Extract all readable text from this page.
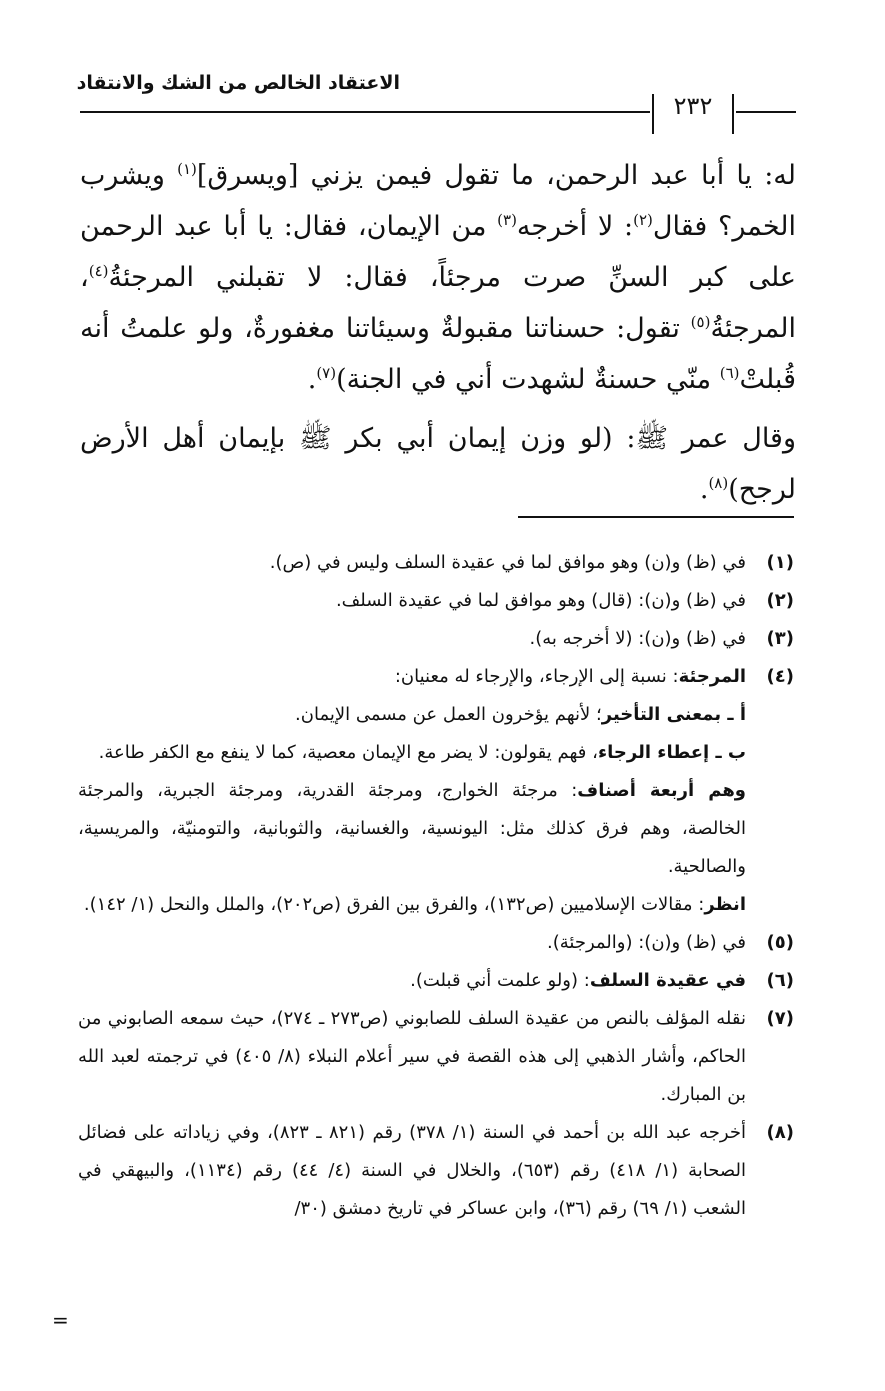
الاعتقاد الخالص من الشك والانتقاد
٢٣٢

له: يا أبا عبد الرحمن، ما تقول فيمن يزني [ويسرق]$^{(١)}$ ويشرب الخمر؟ فقال$^{(٢)}$: لا أخرجه$^{(٣)}$ من الإيمان، فقال: يا أبا عبد الرحمن على كبر السنِّ صرت مرجئاً، فقال: لا تقبلني المرجئةُ$^{(٤)}$، المرجئةُ$^{(٥)}$ تقول: حسناتنا مقبولةٌ وسيئاتنا مغفورةٌ، ولو علمتُ أنه قُبلتْ$^{(٦)}$ منّي حسنةٌ لشهدت أني في الجنة)$^{(٧)}$.

وقال عمر ﷺ: (لو وزن إيمان أبي بكر ﷺ بإيمان أهل الأرض لرجح)$^{(٨)}$.

(١)
في (ظ) و(ن) وهو موافق لما في عقيدة السلف وليس في (ص).
(٢)
في (ظ) و(ن): (قال) وهو موافق لما في عقيدة السلف.
(٣)
في (ظ) و(ن): (لا أخرجه به).
(٤)
المرجئة: نسبة إلى الإرجاء، والإرجاء له معنيان:
أ ـ بمعنى التأخير؛ لأنهم يؤخرون العمل عن مسمى الإيمان.
ب ـ إعطاء الرجاء، فهم يقولون: لا يضر مع الإيمان معصية، كما لا ينفع مع الكفر طاعة.
وهم أربعة أصناف: مرجئة الخوارج، ومرجئة القدرية، ومرجئة الجبرية، والمرجئة الخالصة، وهم فرق كذلك مثل: اليونسية، والغسانية، والثوبانية، والتومنيّة، والمريسية، والصالحية.
انظر: مقالات الإسلاميين (ص١٣٢)، والفرق بين الفرق (ص٢٠٢)، والملل والنحل (١/ ١٤٢).
(٥)
في (ظ) و(ن): (والمرجئة).
(٦)
في عقيدة السلف: (ولو علمت أني قبلت).
(٧)
نقله المؤلف بالنص من عقيدة السلف للصابوني (ص٢٧٣ ـ ٢٧٤)، حيث سمعه الصابوني من الحاكم، وأشار الذهبي إلى هذه القصة في سير أعلام النبلاء (٨/ ٤٠٥) في ترجمته لعبد الله بن المبارك.
(٨)
أخرجه عبد الله بن أحمد في السنة (١/ ٣٧٨) رقم (٨٢١ ـ ٨٢٣)، وفي زياداته على فضائل الصحابة (١/ ٤١٨) رقم (٦٥٣)، والخلال في السنة (٤/ ٤٤) رقم (١١٣٤)، والبيهقي في الشعب (١/ ٦٩) رقم (٣٦)، وابن عساكر في تاريخ دمشق (٣٠/
=
